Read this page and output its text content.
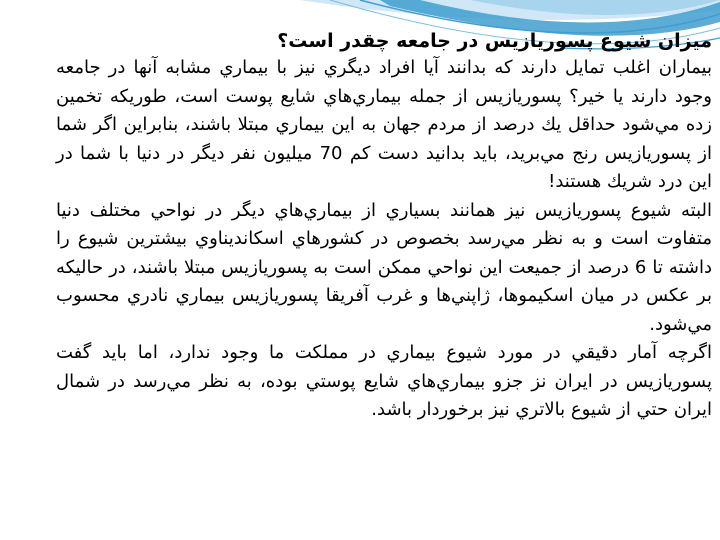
ميزان شيوع پسوريازيس در جامعه چقدر است؟

بيماران اغلب تمايل دارند كه بدانند آيا افراد ديگري نيز با بيماري مشابه آنها در جامعه وجود دارند يا خير؟ پسوريازيس از جمله بيماري‌هاي شايع پوست است، طوريكه تخمين زده مي‌شود حداقل يك درصد از مردم جهان به اين بيماري مبتلا باشند، بنابراين اگر شما از پسوريازيس رنج مي‌بريد، بايد بدانيد دست كم 70 ميليون نفر ديگر در دنيا با شما در اين درد شريك هستند!

البته شيوع پسوريازيس نيز همانند بسياري از بيماري‌هاي ديگر در نواحي مختلف دنيا متفاوت است و به نظر مي‌رسد بخصوص در كشورهاي اسكانديناوي بيشترين شيوع را داشته تا 6 درصد از جميعت اين نواحي ممكن است به پسوريازيس مبتلا باشند، در حاليكه بر عكس در ميان اسكيموها، ژاپني‌ها و غرب آفريقا پسوريازيس بيماري نادري محسوب مي‌شود.

اگرچه آمار دقيقي در مورد شيوع بيماري در مملكت ما وجود ندارد، اما بايد گفت پسوريازيس در ايران نز جزو بيماري‌هاي شايع پوستي بوده، به نظر مي‌رسد در شمال ايران حتي از شيوع بالاتري نيز برخوردار باشد.
